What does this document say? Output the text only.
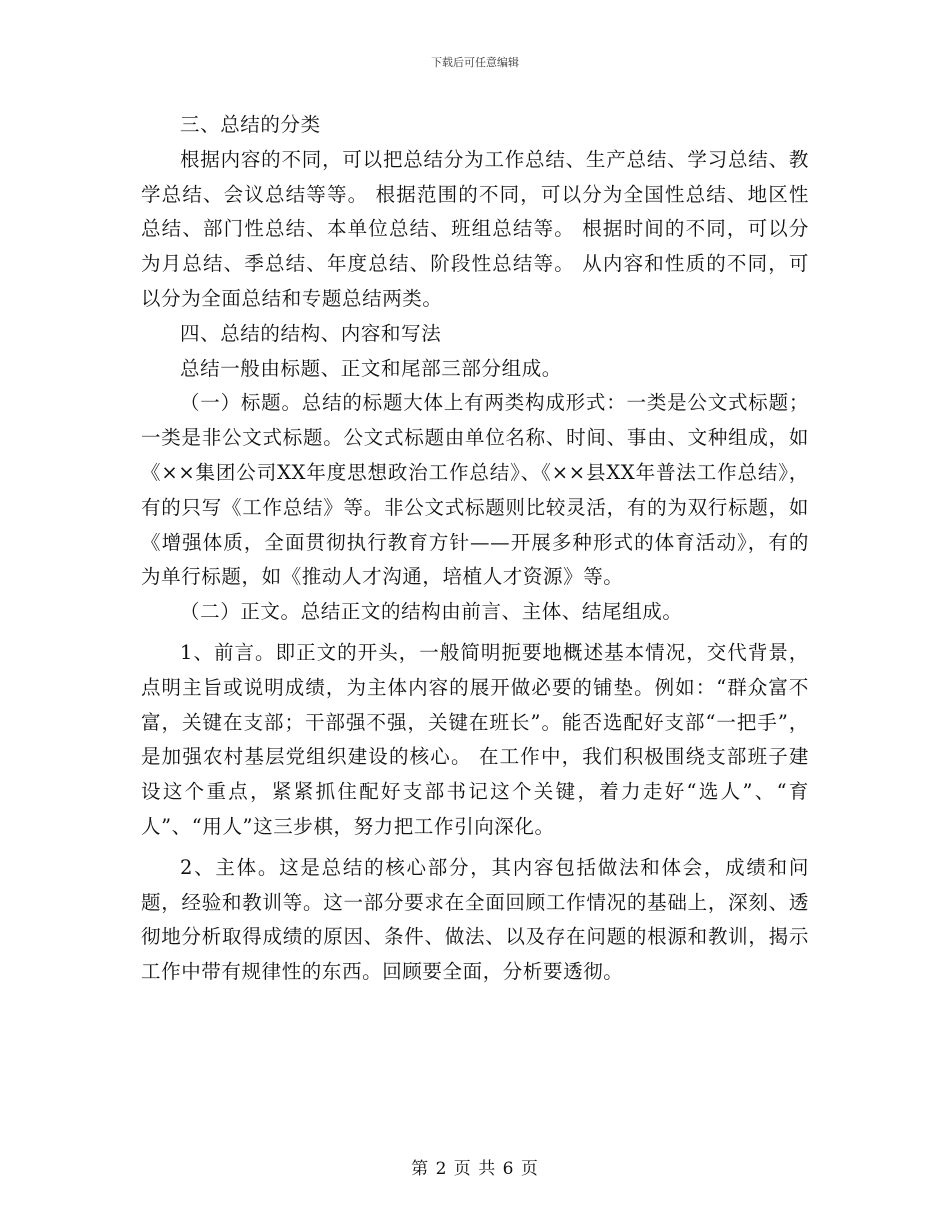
下载后可任意编辑

三、总结的分类

根据内容的不同，可以把总结分为工作总结、生产总结、学习总结、教学总结、会议总结等等。 根据范围的不同，可以分为全国性总结、地区性总结、部门性总结、本单位总结、班组总结等。 根据时间的不同，可以分为月总结、季总结、年度总结、阶段性总结等。 从内容和性质的不同，可以分为全面总结和专题总结两类。

四、总结的结构、内容和写法

总结一般由标题、正文和尾部三部分组成。

（一）标题。总结的标题大体上有两类构成形式：一类是公文式标题；一类是非公文式标题。公文式标题由单位名称、时间、事由、文种组成，如《××集团公司XX年度思想政治工作总结》、《××县XX年普法工作总结》，有的只写《工作总结》等。非公文式标题则比较灵活，有的为双行标题，如《增强体质，全面贯彻执行教育方针——开展多种形式的体育活动》，有的为单行标题，如《推动人才沟通，培植人才资源》等。

（二）正文。总结正文的结构由前言、主体、结尾组成。

1、前言。即正文的开头，一般简明扼要地概述基本情况，交代背景，点明主旨或说明成绩，为主体内容的展开做必要的铺垫。例如：“群众富不富，关键在支部；干部强不强，关键在班长”。能否选配好支部“一把手”，是加强农村基层党组织建设的核心。 在工作中，我们积极围绕支部班子建设这个重点，紧紧抓住配好支部书记这个关键，着力走好“选人”、“育人”、“用人”这三步棋，努力把工作引向深化。

2、主体。这是总结的核心部分，其内容包括做法和体会，成绩和问题，经验和教训等。这一部分要求在全面回顾工作情况的基础上，深刻、透彻地分析取得成绩的原因、条件、做法、以及存在问题的根源和教训，揭示工作中带有规律性的东西。回顾要全面，分析要透彻。

第 2 页 共 6 页
